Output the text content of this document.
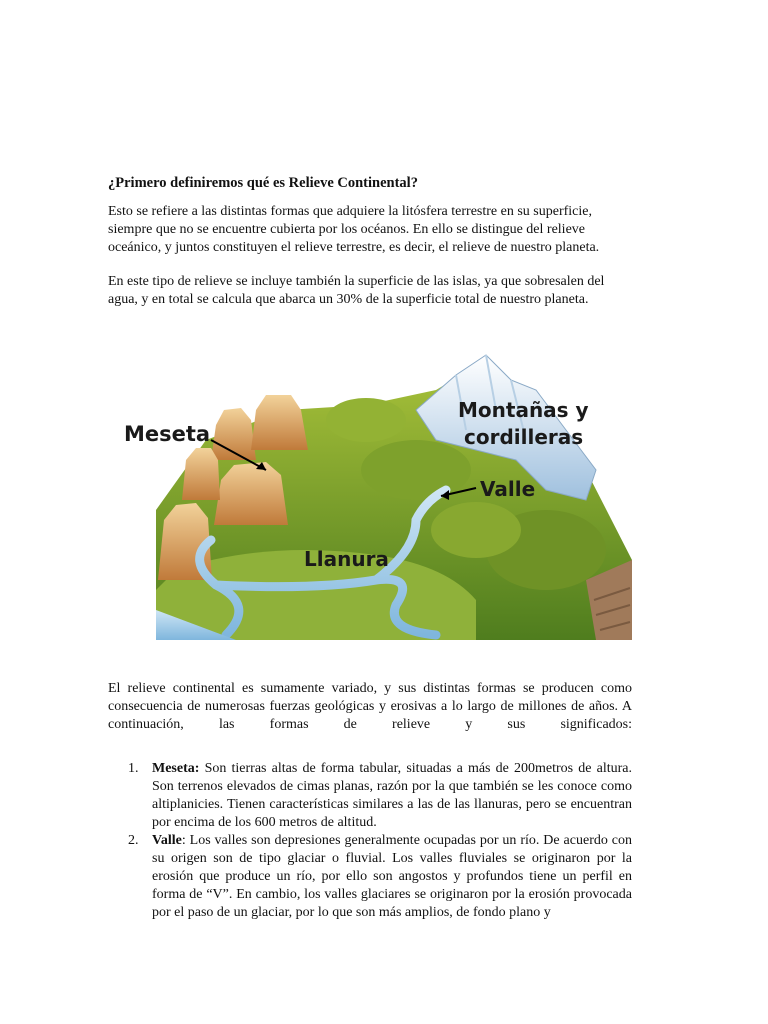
¿Primero definiremos qué es Relieve Continental?

Esto se refiere a las distintas formas que adquiere la litósfera terrestre en su superficie, siempre que no se encuentre cubierta por los océanos. En ello se distingue del relieve oceánico, y juntos constituyen el relieve terrestre, es decir, el relieve de nuestro planeta.

En este tipo de relieve se incluye también la superficie de las islas, ya que sobresalen del agua, y en total se calcula que abarca un 30% de la superficie total de nuestro planeta.

Meseta
Montañas y
cordilleras
Valle
Llanura

El relieve continental es sumamente variado, y sus distintas formas se producen como consecuencia de numerosas fuerzas geológicas y erosivas a lo largo de millones de años. A continuación, las formas de relieve y sus significados:

1. Meseta: Son tierras altas de forma tabular, situadas a más de 200metros de altura. Son terrenos elevados de cimas planas, razón por la que también se les conoce como altiplanicies. Tienen características similares a las de las llanuras, pero se encuentran por encima de los 600 metros de altitud.
2. Valle: Los valles son depresiones generalmente ocupadas por un río. De acuerdo con su origen son de tipo glaciar o fluvial. Los valles fluviales se originaron por la erosión que produce un río, por ello son angostos y profundos tiene un perfil en forma de “V”. En cambio, los valles glaciares se originaron por la erosión provocada por el paso de un glaciar, por lo que son más amplios, de fondo plano y
